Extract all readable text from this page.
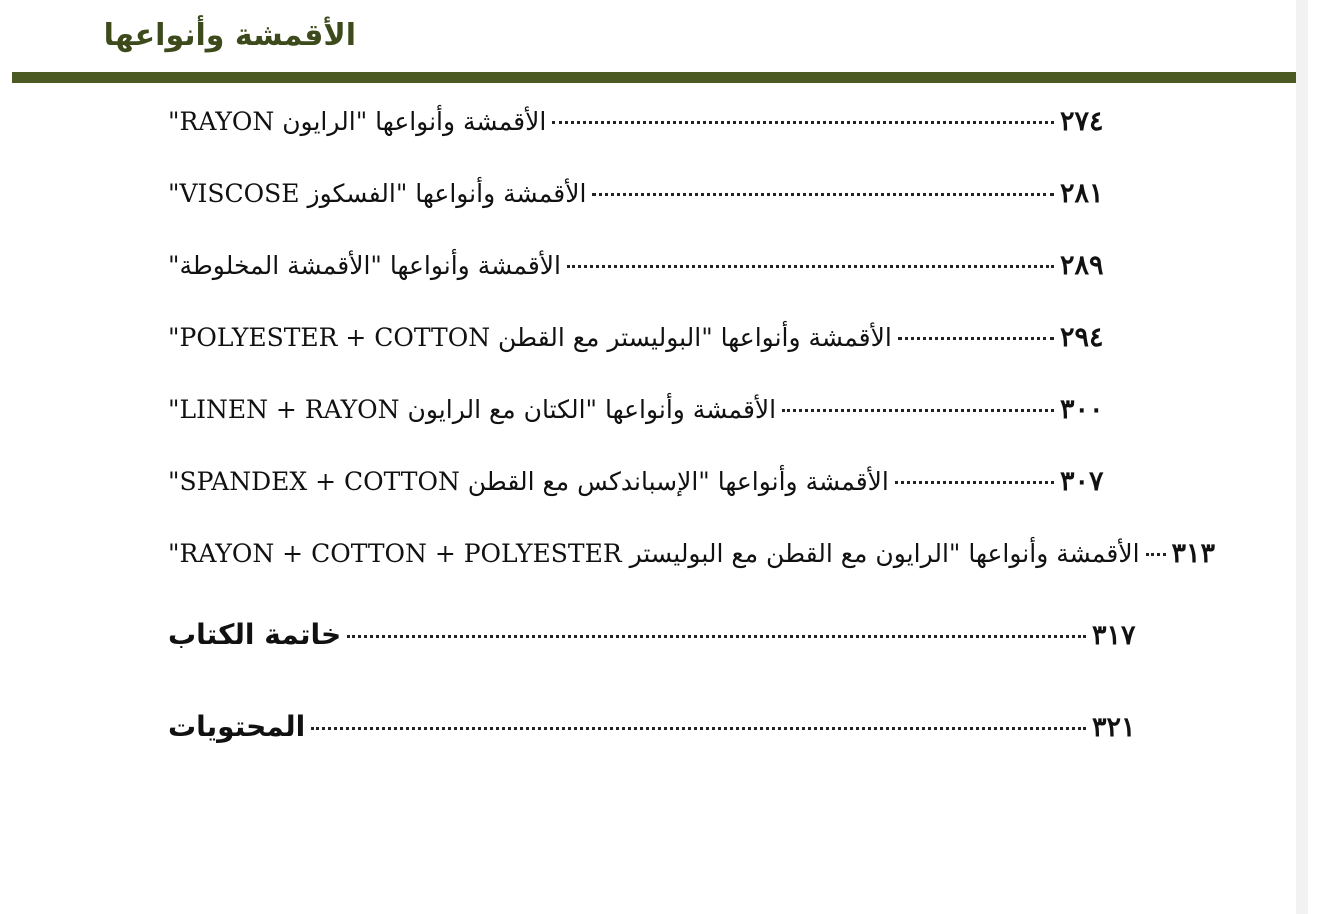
الأقمشة وأنواعها
الأقمشة وأنواعها "الرايون RAYON"	٢٧٤
الأقمشة وأنواعها "الفسكوز VISCOSE"	٢٨١
الأقمشة وأنواعها "الأقمشة المخلوطة"	٢٨٩
الأقمشة وأنواعها "البوليستر مع القطن POLYESTER + COTTON"	٢٩٤
الأقمشة وأنواعها "الكتان مع الرايون LINEN + RAYON"	٣٠٠
الأقمشة وأنواعها "الإسباندكس مع القطن SPANDEX + COTTON"	٣٠٧
الأقمشة وأنواعها "الرايون مع القطن مع البوليستر RAYON + COTTON + POLYESTER" ٣١٣
خاتمة الكتاب	٣١٧
المحتويات	٣٢١
